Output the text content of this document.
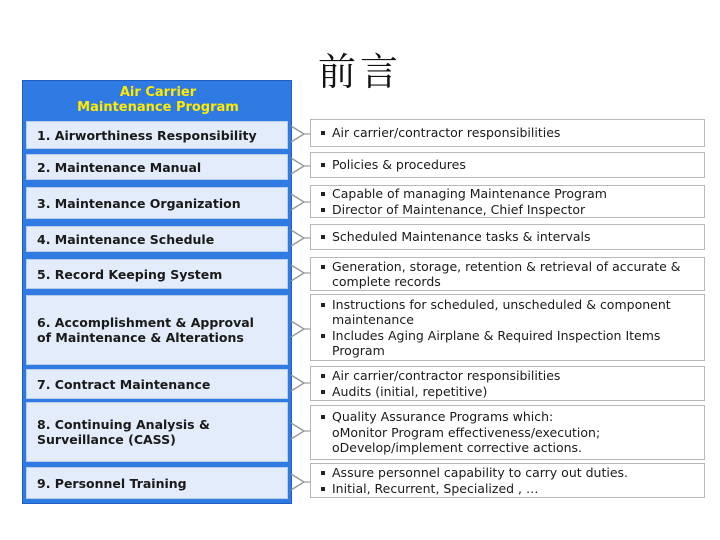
前言
Air Carrier
Maintenance Program
1. Airworthiness Responsibility
2. Maintenance Manual
3. Maintenance Organization
4. Maintenance Schedule
5. Record Keeping System
6. Accomplishment & Approval
of Maintenance & Alterations
7. Contract Maintenance
8. Continuing Analysis &
Surveillance (CASS)
9. Personnel Training
Air carrier/contractor responsibilities
Policies & procedures
Capable of managing Maintenance Program
Director of Maintenance, Chief Inspector
Scheduled Maintenance tasks & intervals
Generation, storage, retention & retrieval of accurate &
complete records
Instructions for scheduled, unscheduled & component
maintenance
Includes Aging Airplane & Required Inspection Items
Program
Air carrier/contractor responsibilities
Audits (initial, repetitive)
Quality Assurance Programs which:
οMonitor Program effectiveness/execution;
οDevelop/implement corrective actions.
Assure personnel capability to carry out duties.
Initial, Recurrent, Specialized , …
